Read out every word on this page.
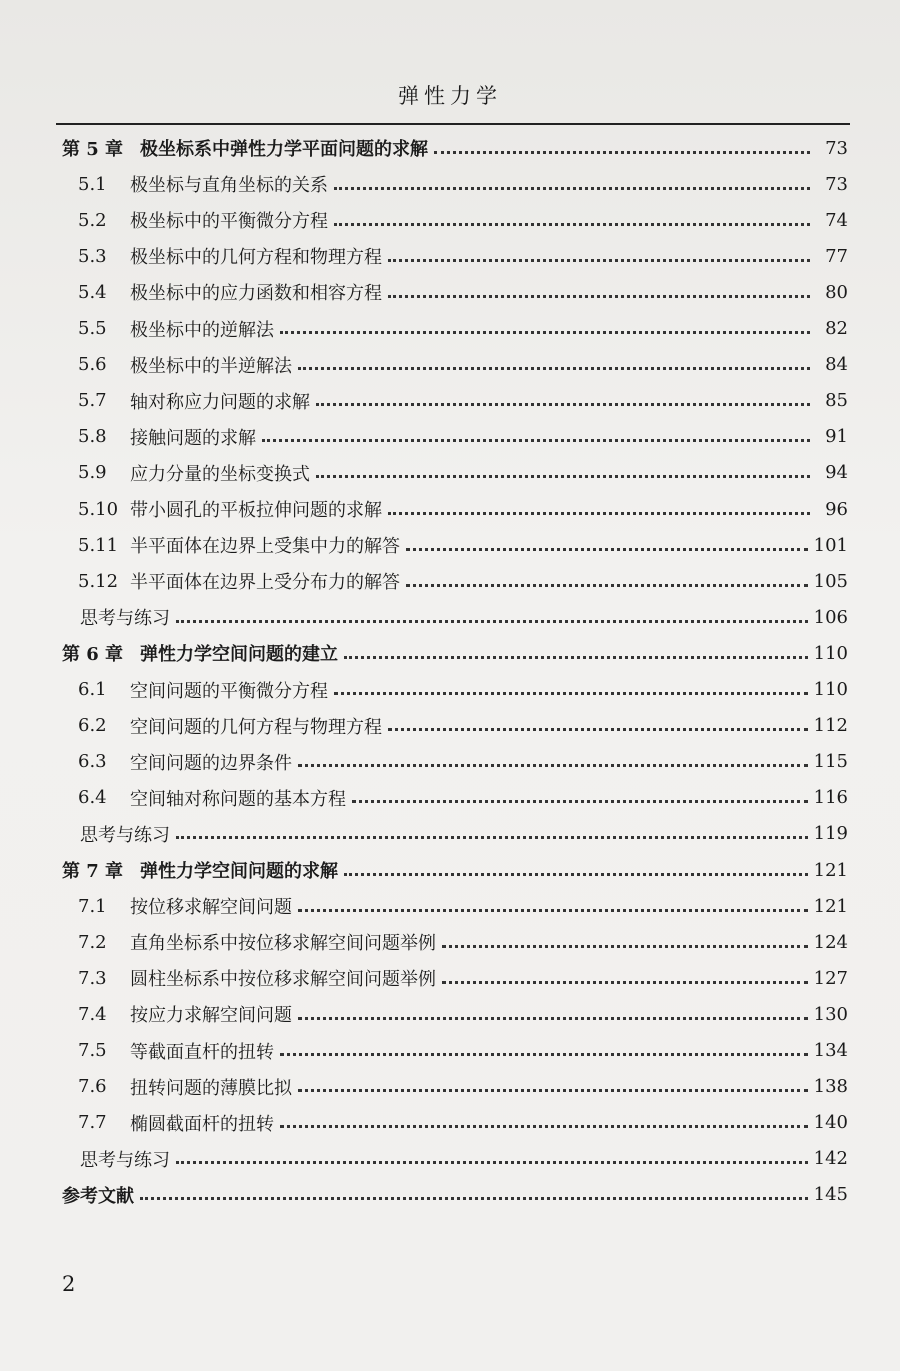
弹性力学
第 5 章 极坐标系中弹性力学平面问题的求解	73
5.1	极坐标与直角坐标的关系	73
5.2	极坐标中的平衡微分方程	74
5.3	极坐标中的几何方程和物理方程	77
5.4	极坐标中的应力函数和相容方程	80
5.5	极坐标中的逆解法	82
5.6	极坐标中的半逆解法	84
5.7	轴对称应力问题的求解	85
5.8	接触问题的求解	91
5.9	应力分量的坐标变换式	94
5.10 带小圆孔的平板拉伸问题的求解	96
5.11 半平面体在边界上受集中力的解答	101
5.12 半平面体在边界上受分布力的解答	105
思考与练习	106
第 6 章 弹性力学空间问题的建立	110
6.1	空间问题的平衡微分方程	110
6.2	空间问题的几何方程与物理方程	112
6.3	空间问题的边界条件	115
6.4	空间轴对称问题的基本方程	116
思考与练习	119
第 7 章 弹性力学空间问题的求解	121
7.1	按位移求解空间问题	121
7.2	直角坐标系中按位移求解空间问题举例	124
7.3	圆柱坐标系中按位移求解空间问题举例	127
7.4	按应力求解空间问题	130
7.5	等截面直杆的扭转	134
7.6	扭转问题的薄膜比拟	138
7.7	椭圆截面杆的扭转	140
思考与练习	142
参考文献	145
2
